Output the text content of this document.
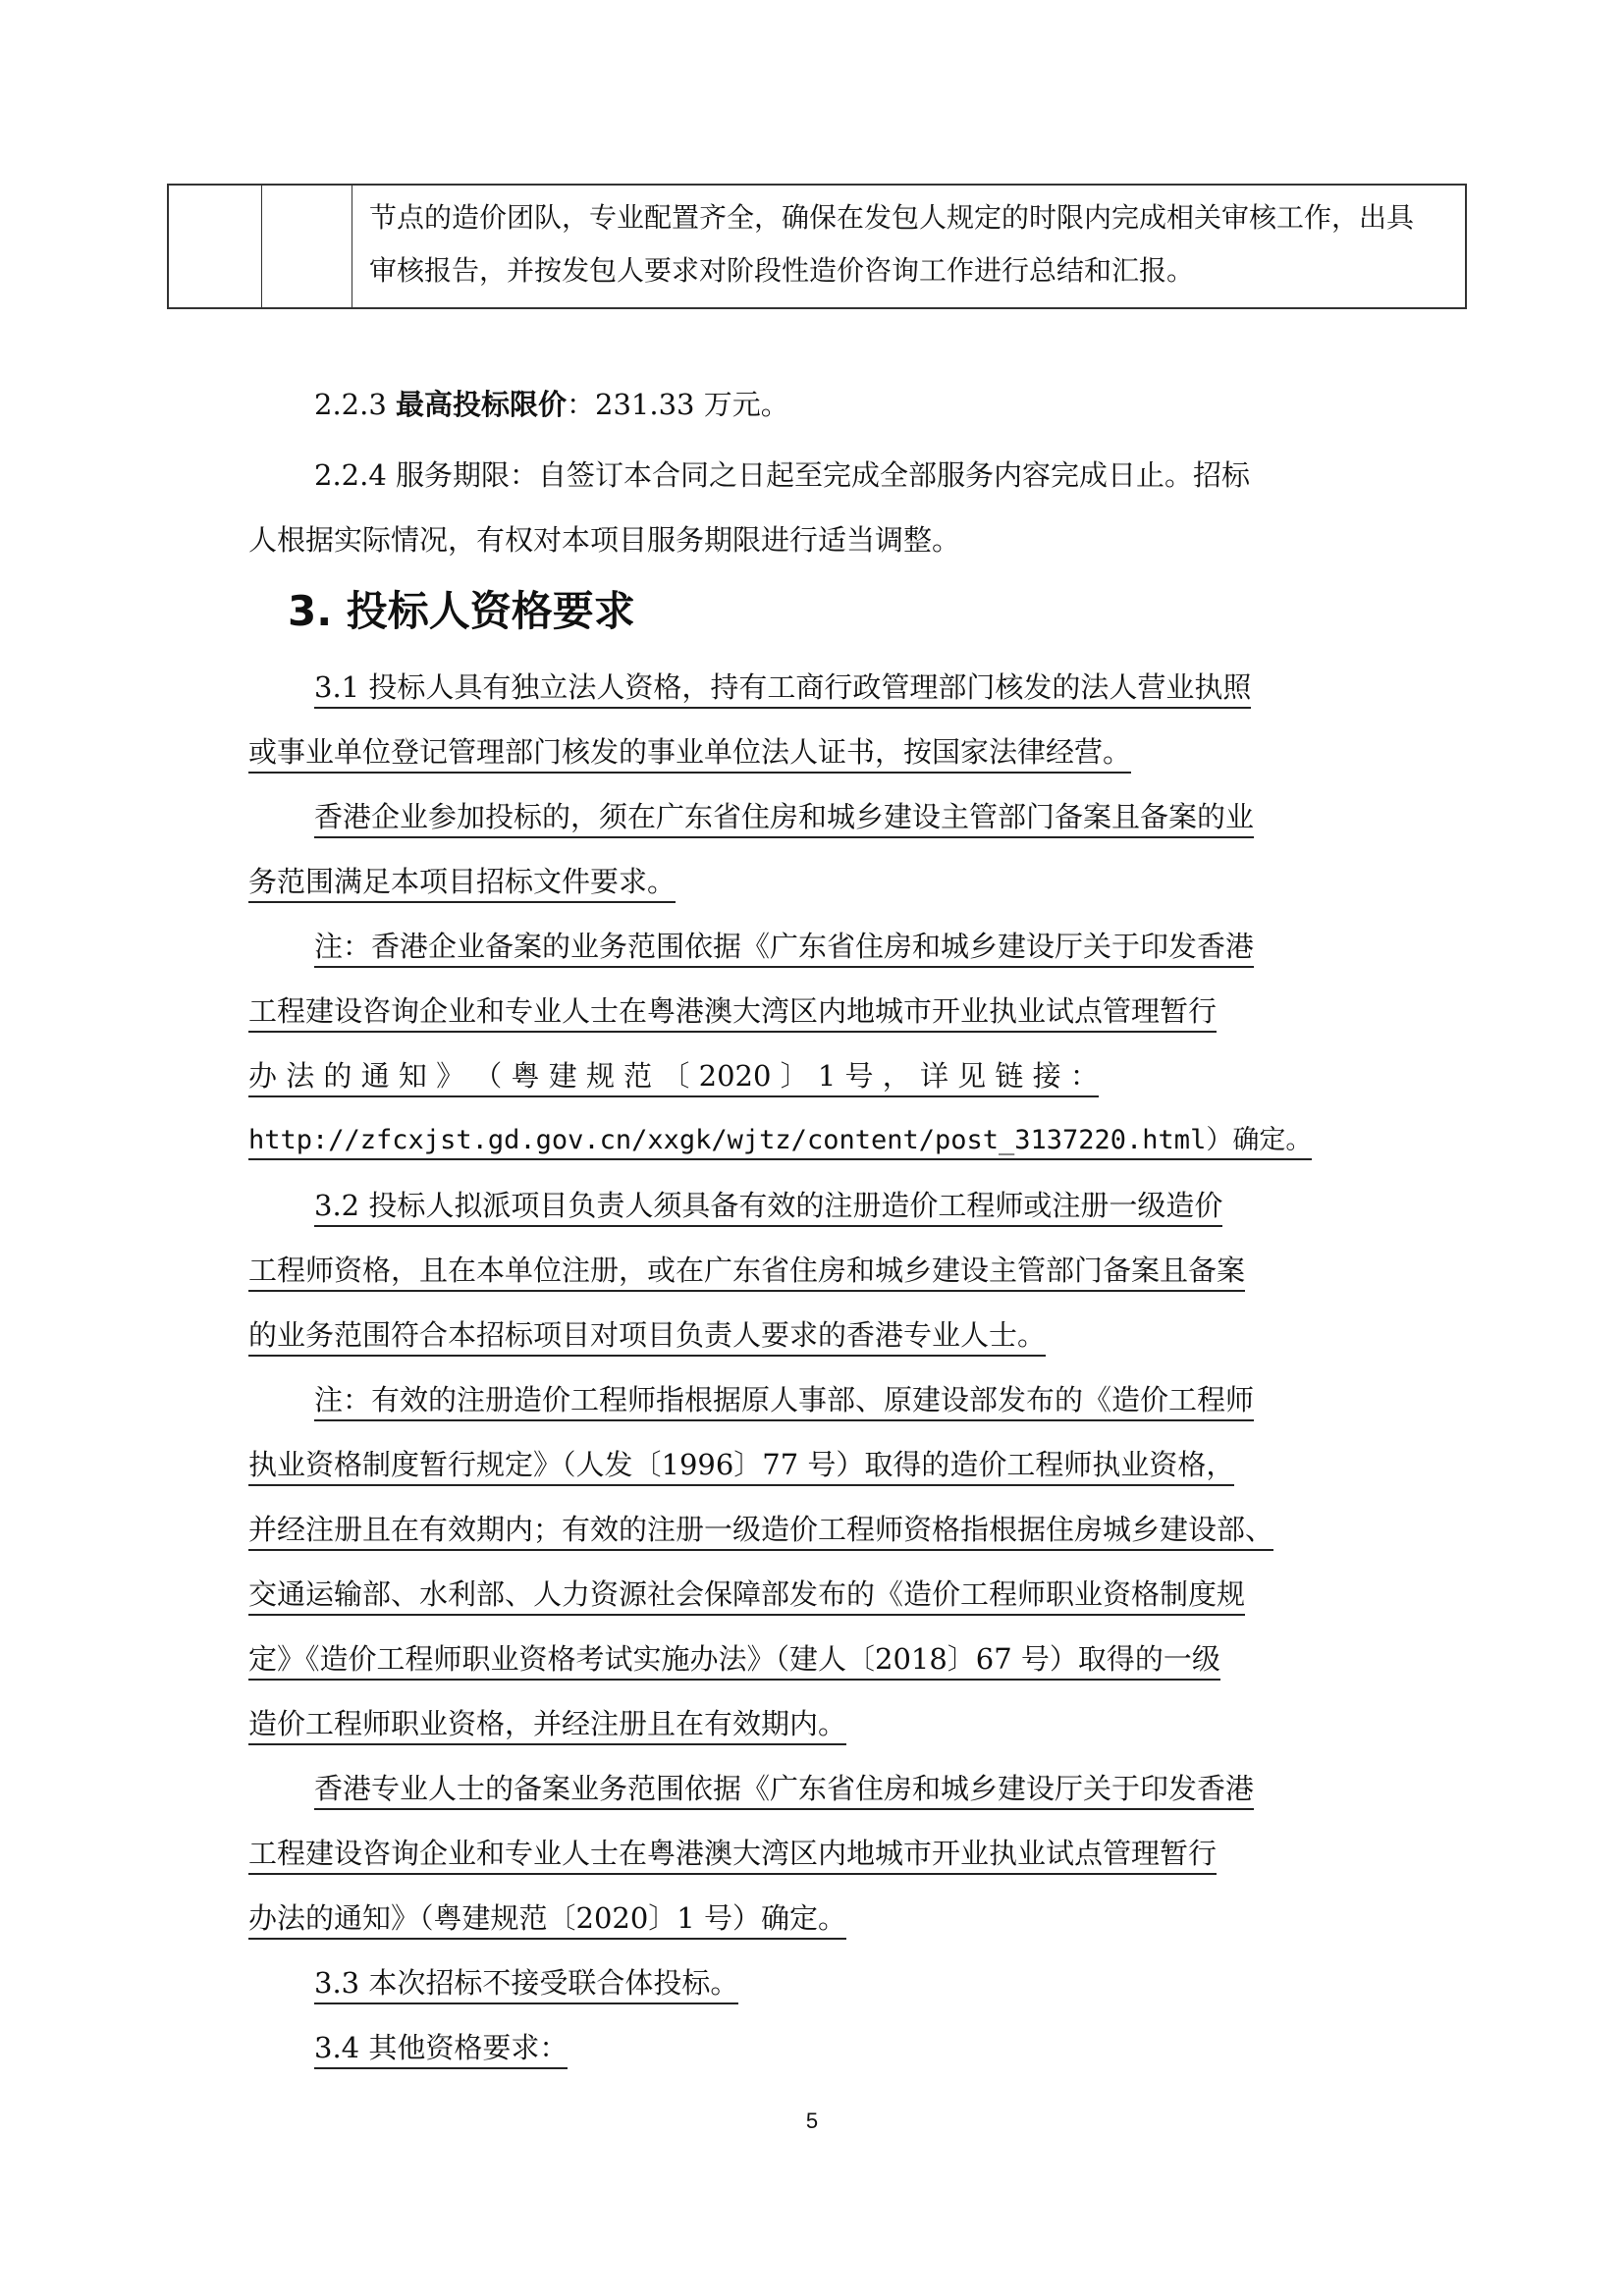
节点的造价团队，专业配置齐全，确保在发包人规定的时限内完成相关审核工作，出具
审核报告，并按发包人要求对阶段性造价咨询工作进行总结和汇报。
2.2.3 最高投标限价：231.33 万元。
2.2.4 服务期限：自签订本合同之日起至完成全部服务内容完成日止。招标
人根据实际情况，有权对本项目服务期限进行适当调整。
3. 投标人资格要求
3.1 投标人具有独立法人资格，持有工商行政管理部门核发的法人营业执照
或事业单位登记管理部门核发的事业单位法人证书，按国家法律经营。
香港企业参加投标的，须在广东省住房和城乡建设主管部门备案且备案的业
务范围满足本项目招标文件要求。
注：香港企业备案的业务范围依据《广东省住房和城乡建设厅关于印发香港
工程建设咨询企业和专业人士在粤港澳大湾区内地城市开业执业试点管理暂行
办 法 的 通 知 》 （ 粤 建 规 范 〔 2020 〕 1 号 ， 详 见 链 接 ：
http://zfcxjst.gd.gov.cn/xxgk/wjtz/content/post_3137220.html）确定。
3.2 投标人拟派项目负责人须具备有效的注册造价工程师或注册一级造价
工程师资格，且在本单位注册，或在广东省住房和城乡建设主管部门备案且备案
的业务范围符合本招标项目对项目负责人要求的香港专业人士。
注：有效的注册造价工程师指根据原人事部、原建设部发布的《造价工程师
执业资格制度暂行规定》（人发〔1996〕77 号）取得的造价工程师执业资格，
并经注册且在有效期内；有效的注册一级造价工程师资格指根据住房城乡建设部、
交通运输部、水利部、人力资源社会保障部发布的《造价工程师职业资格制度规
定》《造价工程师职业资格考试实施办法》（建人〔2018〕67 号）取得的一级
造价工程师职业资格，并经注册且在有效期内。
香港专业人士的备案业务范围依据《广东省住房和城乡建设厅关于印发香港
工程建设咨询企业和专业人士在粤港澳大湾区内地城市开业执业试点管理暂行
办法的通知》（粤建规范〔2020〕1 号）确定。
3.3 本次招标不接受联合体投标。
3.4 其他资格要求：
5
